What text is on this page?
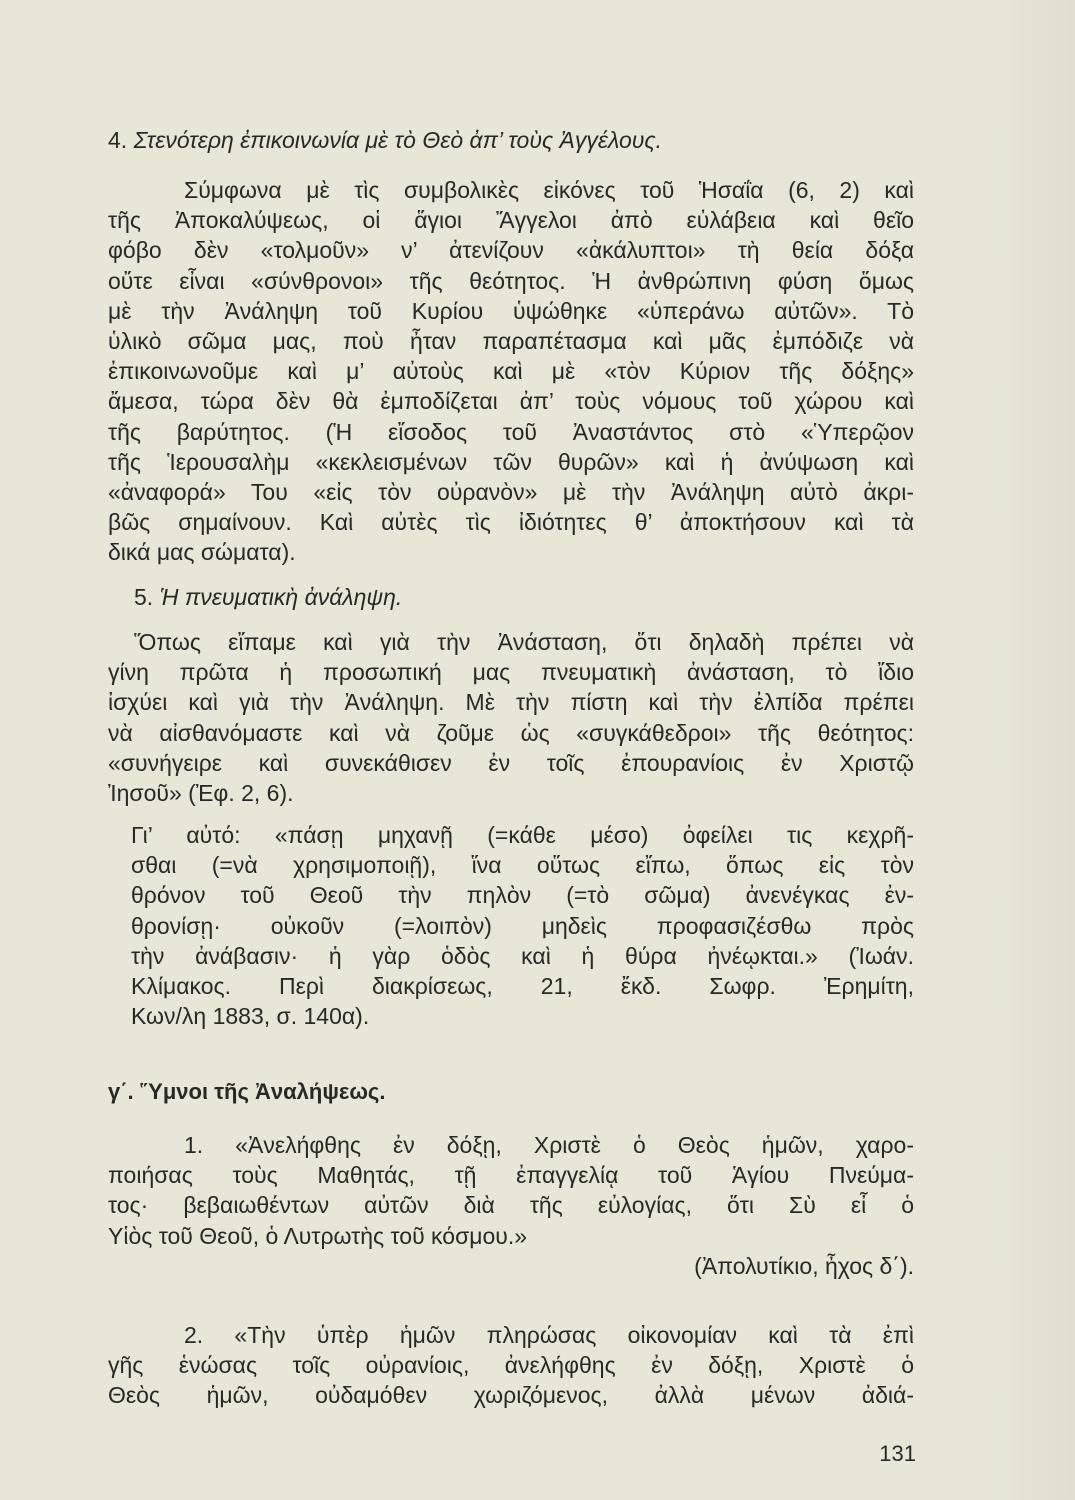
4. Στενότερη ἐπικοινωνία μὲ τὸ Θεὸ ἀπ’ τοὺς Ἀγγέλους.
Σύμφωνα μὲ τὶς συμβολικὲς εἰκόνες τοῦ Ἡσαΐα (6, 2) καὶ
τῆς Ἀποκαλύψεως, οἱ ἅγιοι Ἄγγελοι ἀπὸ εὐλάβεια καὶ θεῖο
φόβο δὲν «τολμοῦν» ν’ ἀτενίζουν «ἀκάλυπτοι» τὴ θεία δόξα
οὔτε εἶναι «σύνθρονοι» τῆς θεότητος. Ἡ ἀνθρώπινη φύση ὅμως
μὲ τὴν Ἀνάληψη τοῦ Κυρίου ὑψώθηκε «ὑπεράνω αὐτῶν». Τὸ
ὑλικὸ σῶμα μας, ποὺ ἦταν παραπέτασμα καὶ μᾶς ἐμπόδιζε νὰ
ἐπικοινωνοῦμε καὶ μ’ αὐτοὺς καὶ μὲ «τὸν Κύριον τῆς δόξης»
ἄμεσα, τώρα δὲν θὰ ἐμποδίζεται ἀπ’ τοὺς νόμους τοῦ χώρου καὶ
τῆς βαρύτητος. (Ἡ εἴσοδος τοῦ Ἀναστάντος στὸ «Ὑπερῷον
τῆς Ἱερουσαλὴμ «κεκλεισμένων τῶν θυρῶν» καὶ ἡ ἀνύψωση καὶ
«ἀναφορά» Του «εἰς τὸν οὐρανὸν» μὲ τὴν Ἀνάληψη αὐτὸ ἀκρι-
βῶς σημαίνουν. Καὶ αὐτὲς τὶς ἰδιότητες θ’ ἀποκτήσουν καὶ τὰ
δικά μας σώματα).
5. Ἡ πνευματικὴ ἀνάληψη.
Ὅπως εἴπαμε καὶ γιὰ τὴν Ἀνάσταση, ὅτι δηλαδὴ πρέπει νὰ
γίνη πρῶτα ἡ προσωπική μας πνευματικὴ ἀνάσταση, τὸ ἴδιο
ἰσχύει καὶ γιὰ τὴν Ἀνάληψη. Μὲ τὴν πίστη καὶ τὴν ἐλπίδα πρέπει
νὰ αἰσθανόμαστε καὶ νὰ ζοῦμε ὡς «συγκάθεδροι» τῆς θεότητος:
«συνήγειρε καὶ συνεκάθισεν ἐν τοῖς ἐπουρανίοις ἐν Χριστῷ
Ἰησοῦ» (Ἐφ. 2, 6).
Γι’ αὐτό: «πάσῃ μηχανῇ (=κάθε μέσο) ὀφείλει τις κεχρῆ-
σθαι (=νὰ χρησιμοποιῇ), ἵνα οὕτως εἴπω, ὅπως εἰς τὸν
θρόνον τοῦ Θεοῦ τὴν πηλὸν (=τὸ σῶμα) ἀνενέγκας ἐν-
θρονίσῃ· οὐκοῦν (=λοιπὸν) μηδεὶς προφασιζέσθω πρὸς
τὴν ἀνάβασιν· ἡ γὰρ ὁδὸς καὶ ἡ θύρα ἠνέῳκται.» (Ἰωάν.
Κλίμακος. Περὶ διακρίσεως, 21, ἔκδ. Σωφρ. Ἐρημίτη,
Κων/λη 1883, σ. 140α).
γ΄. Ὕμνοι τῆς Ἀναλήψεως.
1. «Ἀνελήφθης ἐν δόξῃ, Χριστὲ ὁ Θεὸς ἡμῶν, χαρο-
ποιήσας τοὺς Μαθητάς, τῇ ἐπαγγελίᾳ τοῦ Ἁγίου Πνεύμα-
τος· βεβαιωθέντων αὐτῶν διὰ τῆς εὐλογίας, ὅτι Σὺ εἶ ὁ
Υἱὸς τοῦ Θεοῦ, ὁ Λυτρωτὴς τοῦ κόσμου.»
(Ἀπολυτίκιο, ἦχος δ΄).
2. «Τὴν ὑπὲρ ἡμῶν πληρώσας οἰκονομίαν καὶ τὰ ἐπὶ
γῆς ἑνώσας τοῖς οὐρανίοις, ἀνελήφθης ἐν δόξῃ, Χριστὲ ὁ
Θεὸς ἡμῶν, οὐδαμόθεν χωριζόμενος, ἀλλὰ μένων ἀδιά-
131
